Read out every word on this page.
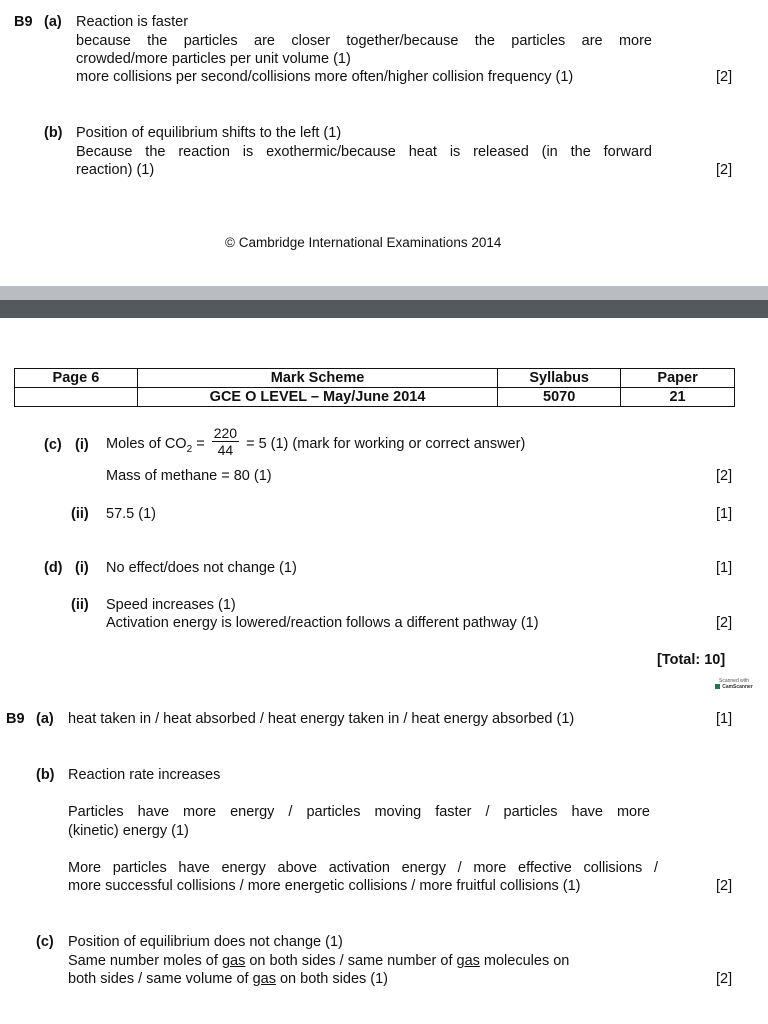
B9 (a) Reaction is faster
because the particles are closer together/because the particles are more
crowded/more particles per unit volume (1)
more collisions per second/collisions more often/higher collision frequency (1)	[2]
(b) Position of equilibrium shifts to the left (1)
Because the reaction is exothermic/because heat is released (in the forward
reaction) (1)	[2]
© Cambridge International Examinations 2014
Page 6	Mark Scheme	Syllabus	Paper
	GCE O LEVEL – May/June 2014	5070	21
(c) (i) Moles of $CO_2 = \frac{220}{44} = 5$ (1) (mark for working or correct answer)
Mass of methane = 80 (1)	[2]
(ii) 57.5 (1)	[1]
(d) (i) No effect/does not change (1)	[1]
(ii) Speed increases (1)
Activation energy is lowered/reaction follows a different pathway (1)	[2]
[Total: 10]
Scanned with
CamScanner
B9 (a) heat taken in / heat absorbed / heat energy taken in / heat energy absorbed (1)	[1]
(b) Reaction rate increases
Particles have more energy / particles moving faster / particles have more
(kinetic) energy (1)
More particles have energy above activation energy / more effective collisions /
more successful collisions / more energetic collisions / more fruitful collisions (1)	[2]
(c) Position of equilibrium does not change (1)
Same number moles of gas on both sides / same number of gas molecules on
both sides / same volume of gas on both sides (1)	[2]
